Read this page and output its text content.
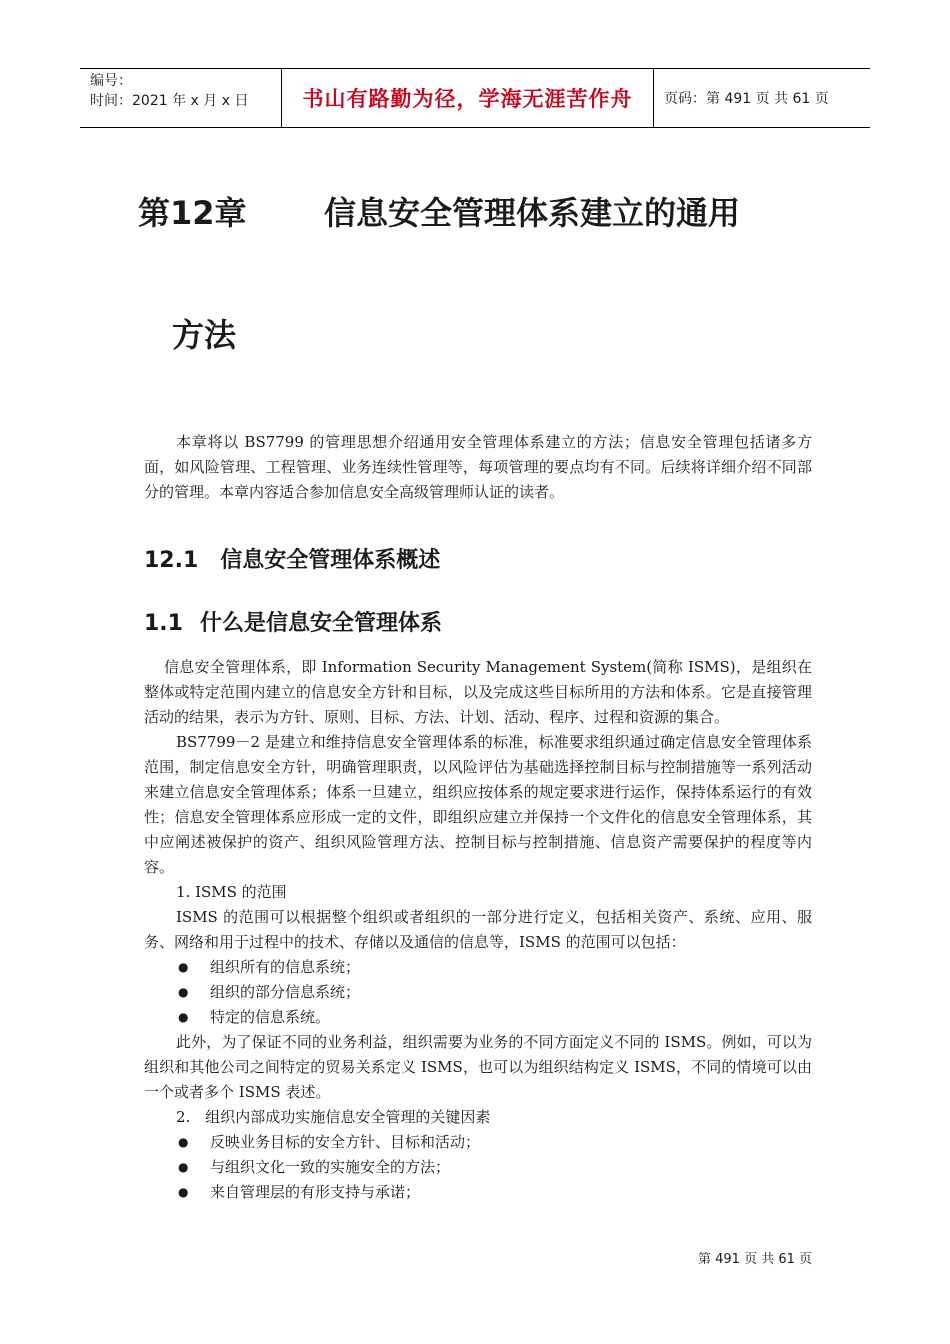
编号：
时间：2021 年 x 月 x 日	书山有路勤为径，学海无涯苦作舟	页码：第 491 页 共 61 页
第12章	信息安全管理体系建立的通用
方法

本章将以 BS7799 的管理思想介绍通用安全管理体系建立的方法；信息安全管理包括诸多方面，如风险管理、工程管理、业务连续性管理等，每项管理的要点均有不同。后续将详细介绍不同部分的管理。本章内容适合参加信息安全高级管理师认证的读者。

12.1　信息安全管理体系概述
1.1 什么是信息安全管理体系

信息安全管理体系，即 Information Security Management System(简称 ISMS)，是组织在整体或特定范围内建立的信息安全方针和目标，以及完成这些目标所用的方法和体系。它是直接管理活动的结果，表示为方针、原则、目标、方法、计划、活动、程序、过程和资源的集合。

BS7799－2 是建立和维持信息安全管理体系的标准，标准要求组织通过确定信息安全管理体系范围，制定信息安全方针，明确管理职责，以风险评估为基础选择控制目标与控制措施等一系列活动来建立信息安全管理体系；体系一旦建立，组织应按体系的规定要求进行运作，保持体系运行的有效性；信息安全管理体系应形成一定的文件，即组织应建立并保持一个文件化的信息安全管理体系，其中应阐述被保护的资产、组织风险管理方法、控制目标与控制措施、信息资产需要保护的程度等内容。

1. ISMS 的范围

ISMS 的范围可以根据整个组织或者组织的一部分进行定义，包括相关资产、系统、应用、服务、网络和用于过程中的技术、存储以及通信的信息等，ISMS 的范围可以包括：

●	组织所有的信息系统；
●	组织的部分信息系统；
●	特定的信息系统。

此外，为了保证不同的业务利益，组织需要为业务的不同方面定义不同的 ISMS。例如，可以为组织和其他公司之间特定的贸易关系定义 ISMS，也可以为组织结构定义 ISMS，不同的情境可以由一个或者多个 ISMS 表述。

2.　组织内部成功实施信息安全管理的关键因素

●	反映业务目标的安全方针、目标和活动；
●	与组织文化一致的实施安全的方法；
●	来自管理层的有形支持与承诺；
第 491 页 共 61 页
